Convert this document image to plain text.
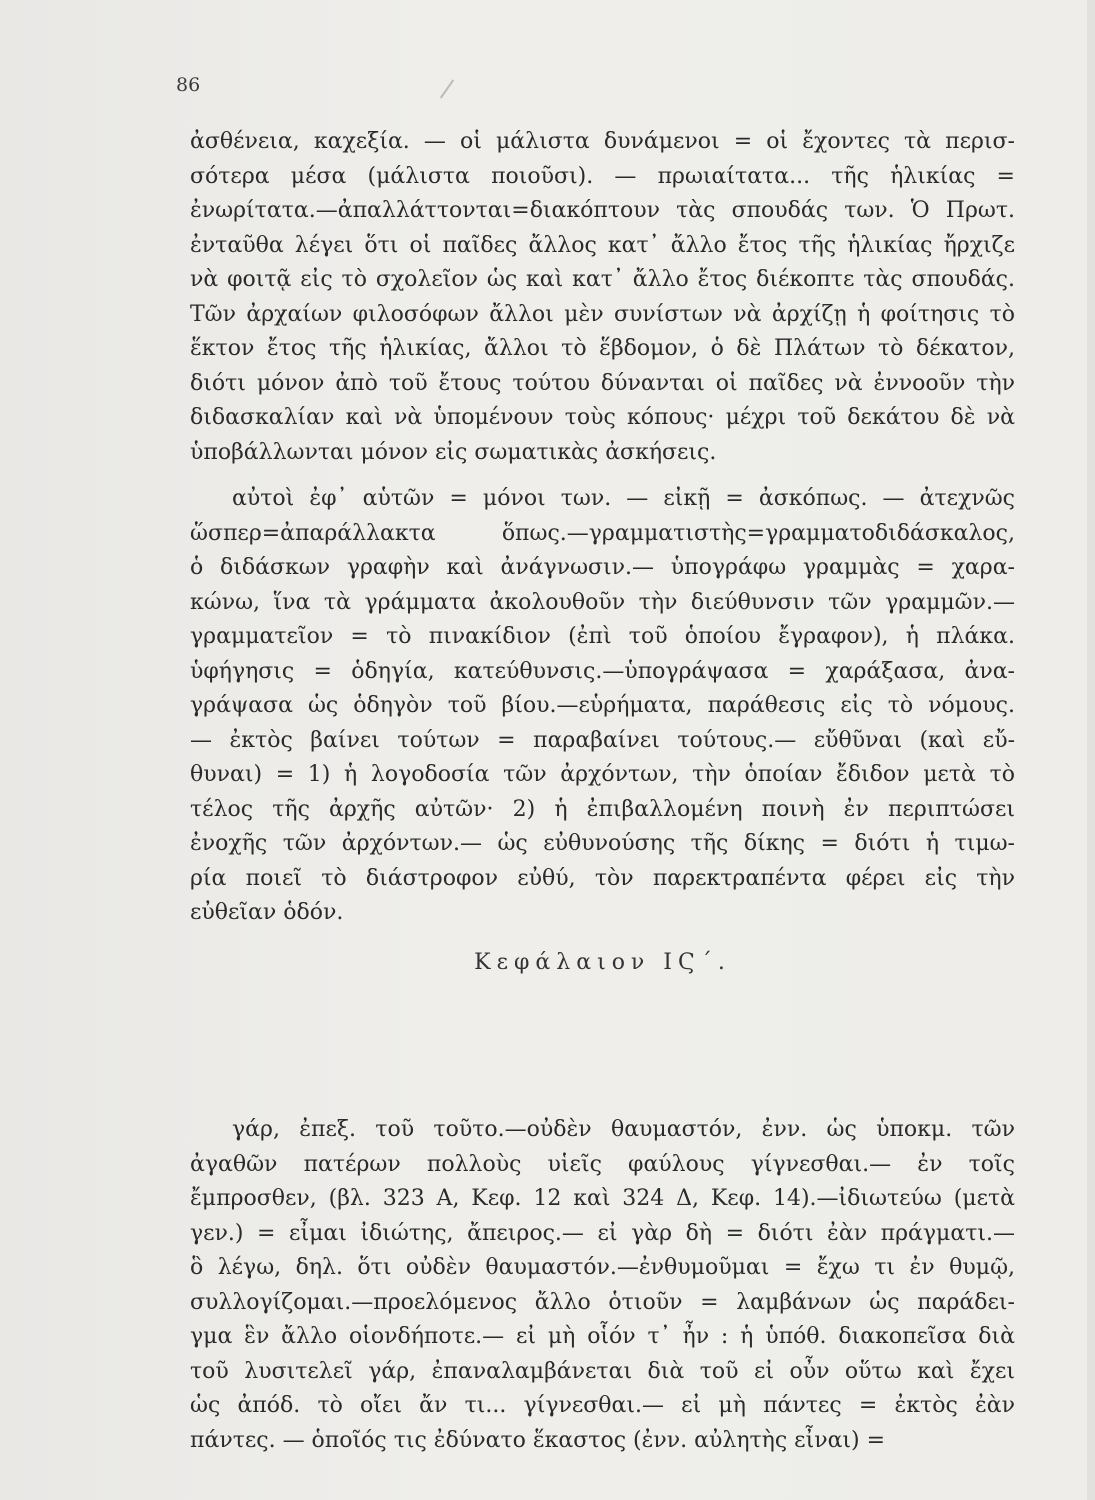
86
ἀσθένεια, καχεξία. — οἱ μάλιστα δυνάμενοι = οἱ ἔχοντες τὰ περισ-
σότερα μέσα (μάλιστα ποιοῦσι). — πρωιαίτατα... τῆς ἡλικίας =
ἐνωρίτατα.—ἀπαλλάττονται=διακόπτουν τὰς σπουδάς των. Ὁ Πρωτ.
ἐνταῦθα λέγει ὅτι οἱ παῖδες ἄλλος κατ᾽ ἄλλο ἔτος τῆς ἡλικίας ἤρχιζε
νὰ φοιτᾷ εἰς τὸ σχολεῖον ὡς καὶ κατ᾽ ἄλλο ἔτος διέκοπτε τὰς σπουδάς.
Τῶν ἀρχαίων φιλοσόφων ἄλλοι μὲν συνίστων νὰ ἀρχίζῃ ἡ φοίτησις τὸ
ἕκτον ἔτος τῆς ἡλικίας, ἄλλοι τὸ ἕβδομον, ὁ δὲ Πλάτων τὸ δέκατον,
διότι μόνον ἀπὸ τοῦ ἔτους τούτου δύνανται οἱ παῖδες νὰ ἐννοοῦν τὴν
διδασκαλίαν καὶ νὰ ὑπομένουν τοὺς κόπους· μέχρι τοῦ δεκάτου δὲ νὰ
ὑποβάλλωνται μόνον εἰς σωματικὰς ἀσκήσεις.
αὐτοὶ ἐφ᾽ αὑτῶν = μόνοι των. — εἰκῇ = ἀσκόπως. — ἀτεχνῶς
ὥσπερ=ἀπαράλλακτα ὅπως.—γραμματιστὴς=γραμματοδιδάσκαλος,
ὁ διδάσκων γραφὴν καὶ ἀνάγνωσιν.— ὑπογράφω γραμμὰς = χαρα-
κώνω, ἵνα τὰ γράμματα ἀκολουθοῦν τὴν διεύθυνσιν τῶν γραμμῶν.—
γραμματεῖον = τὸ πινακίδιον (ἐπὶ τοῦ ὁποίου ἔγραφον), ἡ πλάκα.
ὑφήγησις = ὁδηγία, κατεύθυνσις.—ὑπογράψασα = χαράξασα, ἀνα-
γράψασα ὡς ὁδηγὸν τοῦ βίου.—εὑρήματα, παράθεσις εἰς τὸ νόμους.
— ἐκτὸς βαίνει τούτων = παραβαίνει τούτους.— εὔθῦναι (καὶ εὔ-
θυναι) = 1) ἡ λογοδοσία τῶν ἀρχόντων, τὴν ὁποίαν ἔδιδον μετὰ τὸ
τέλος τῆς ἀρχῆς αὐτῶν· 2) ἡ ἐπιβαλλομένη ποινὴ ἐν περιπτώσει
ἐνοχῆς τῶν ἀρχόντων.— ὡς εὐθυνούσης τῆς δίκης = διότι ἡ τιμω-
ρία ποιεῖ τὸ διάστροφον εὐθύ, τὸν παρεκτραπέντα φέρει εἰς τὴν
εὐθεῖαν ὁδόν.
Κεφάλαιον ΙϚ΄.
γάρ, ἐπεξ. τοῦ τοῦτο.—οὐδὲν θαυμαστόν, ἐνν. ὡς ὑποκμ. τῶν
ἀγαθῶν πατέρων πολλοὺς υἱεῖς φαύλους γίγνεσθαι.— ἐν τοῖς
ἔμπροσθεν, (βλ. 323 Α, Κεφ. 12 καὶ 324 Δ, Κεφ. 14).—ἰδιωτεύω (μετὰ
γεν.) = εἶμαι ἰδιώτης, ἄπειρος.— εἰ γὰρ δὴ = διότι ἐὰν πράγματι.—
ὃ λέγω, δηλ. ὅτι οὐδὲν θαυμαστόν.—ἐνθυμοῦμαι = ἔχω τι ἐν θυμῷ,
συλλογίζομαι.—προελόμενος ἄλλο ὁτιοῦν = λαμβάνων ὡς παράδει-
γμα ἓν ἄλλο οἱονδήποτε.— εἰ μὴ οἷόν τ᾽ ἦν : ἡ ὑπόθ. διακοπεῖσα διὰ
τοῦ λυσιτελεῖ γάρ, ἐπαναλαμβάνεται διὰ τοῦ εἰ οὖν οὕτω καὶ ἔχει
ὡς ἀπόδ. τὸ οἴει ἄν τι... γίγνεσθαι.— εἰ μὴ πάντες = ἐκτὸς ἐὰν
πάντες. — ὁποῖός τις ἐδύνατο ἕκαστος (ἐνν. αὐλητὴς εἶναι) =
